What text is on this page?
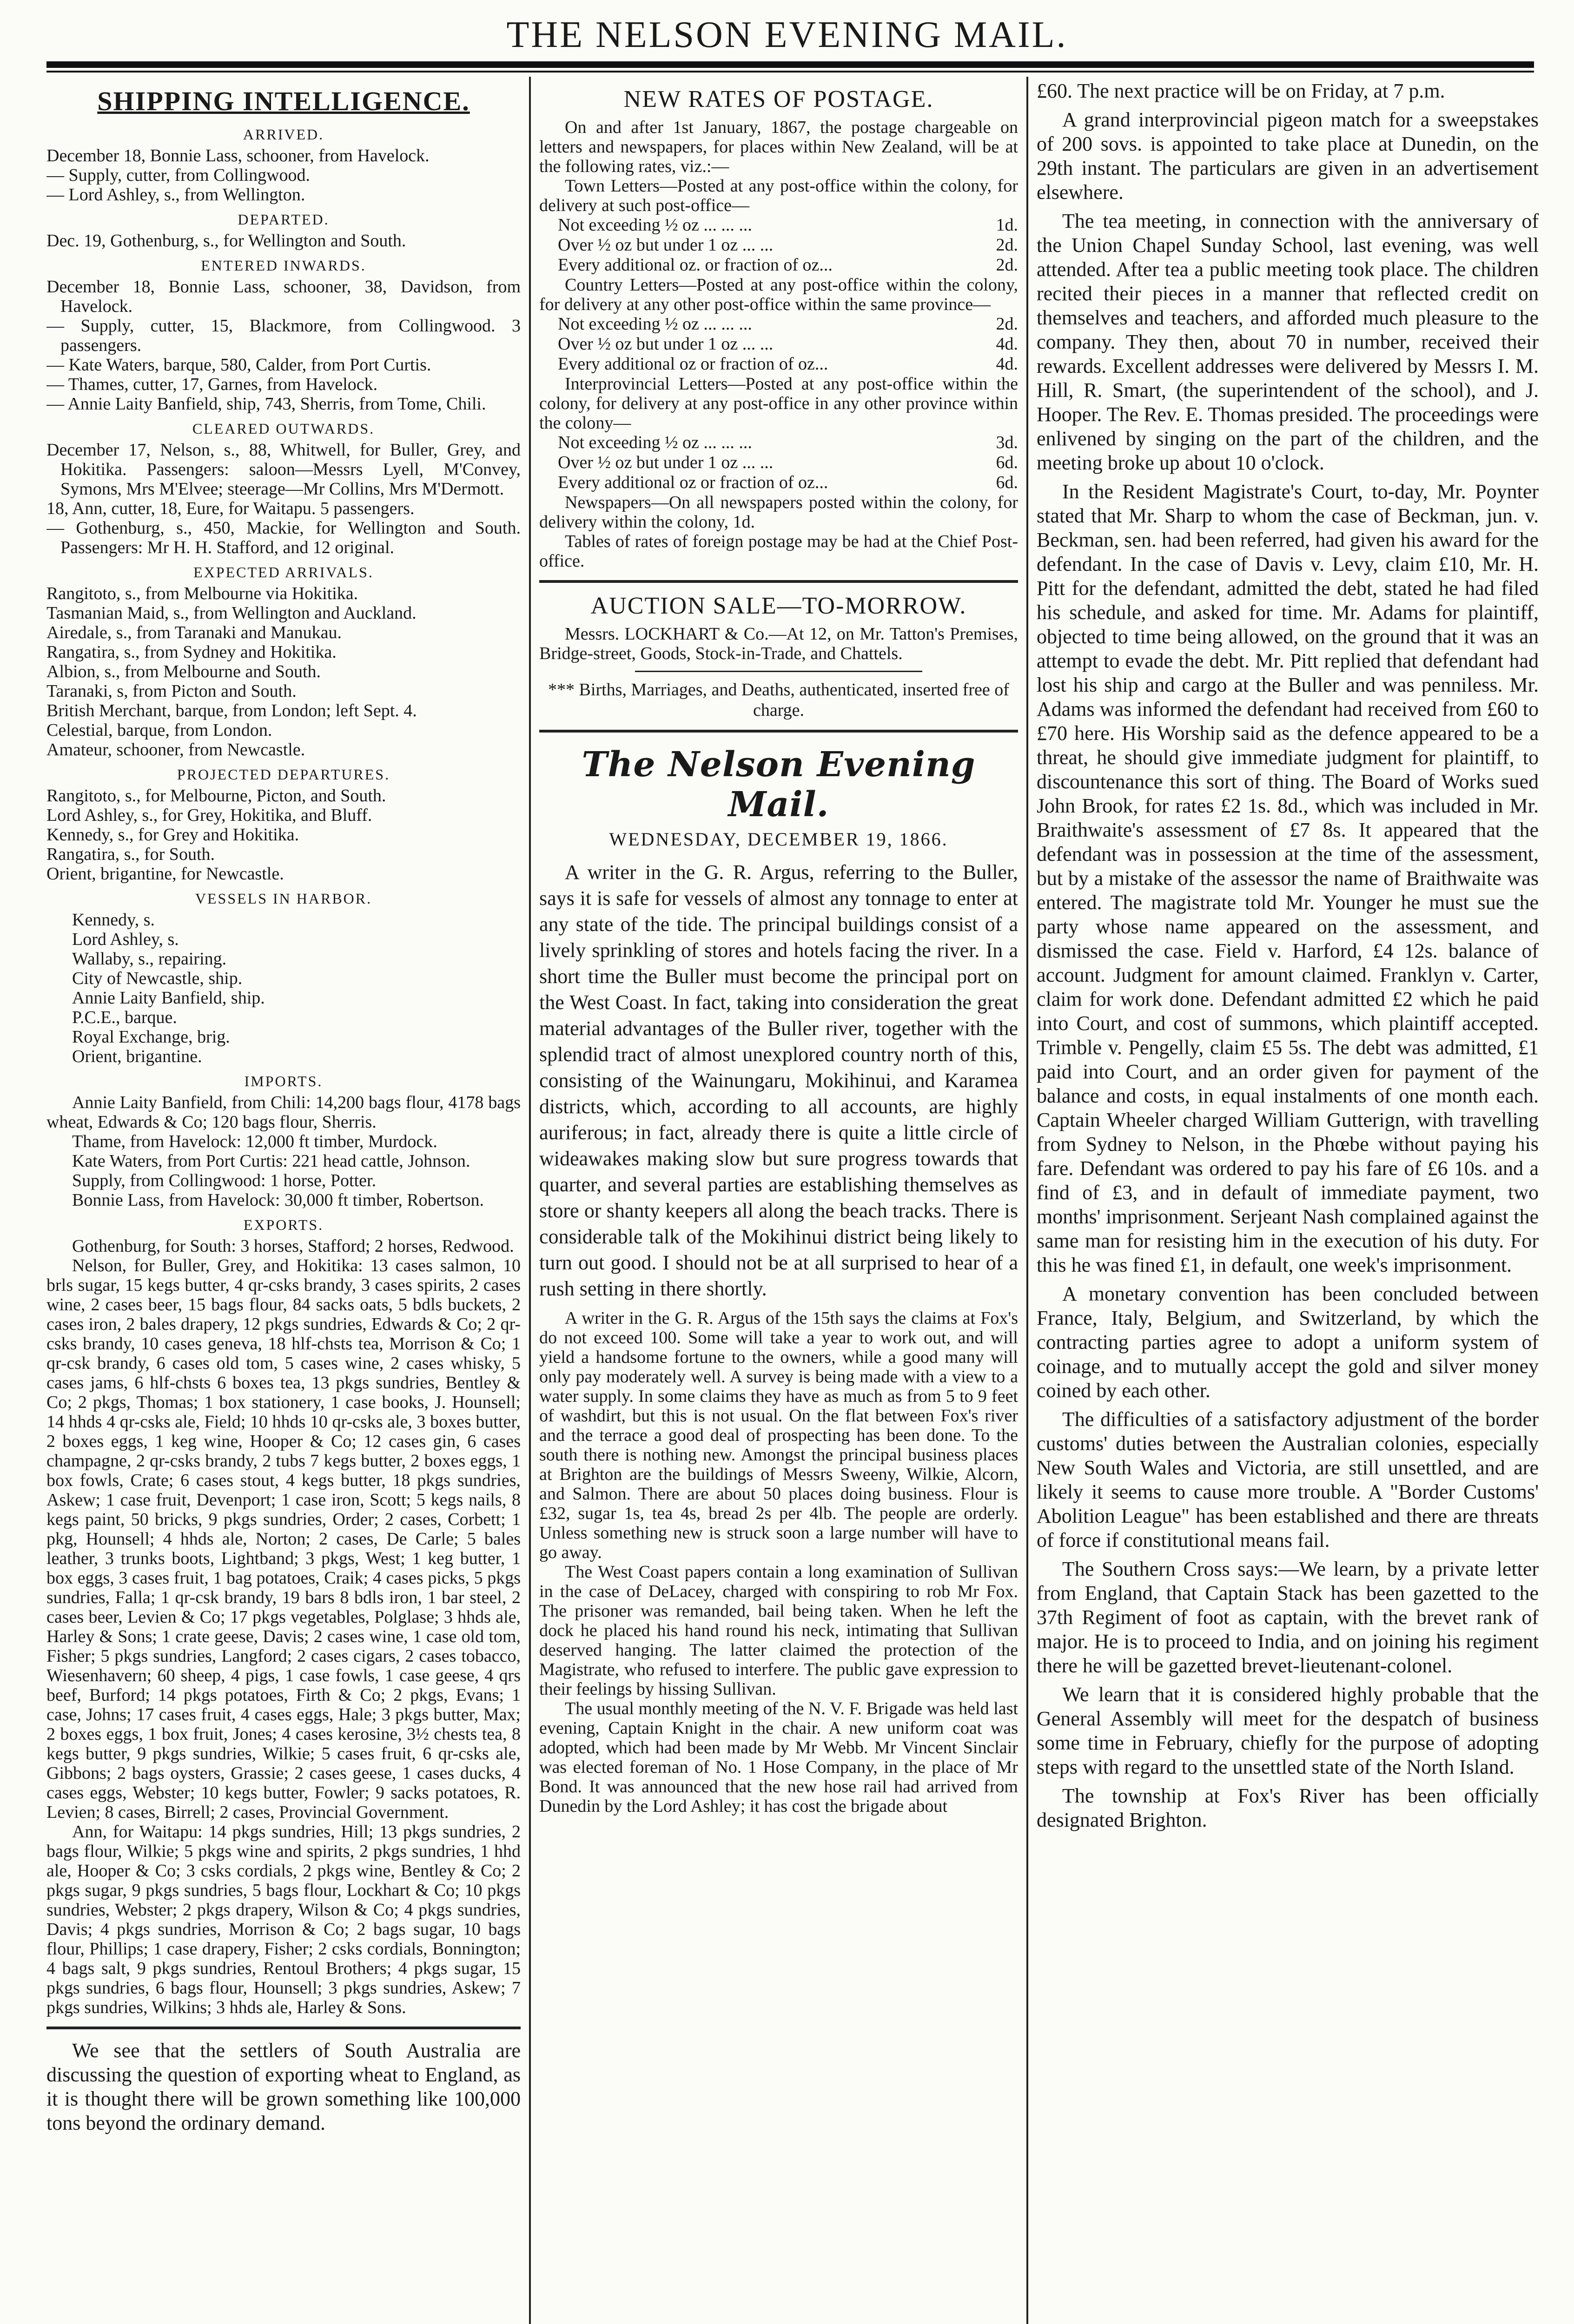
THE NELSON EVENING MAIL.
SHIPPING INTELLIGENCE.
ARRIVED.
December 18, Bonnie Lass, schooner, from Havelock.
— Supply, cutter, from Collingwood.
— Lord Ashley, s., from Wellington.
DEPARTED.
Dec. 19, Gothenburg, s., for Wellington and South.
ENTERED INWARDS.
December 18, Bonnie Lass, schooner, 38, Davidson, from Havelock.
— Supply, cutter, 15, Blackmore, from Collingwood. 3 passengers.
— Kate Waters, barque, 580, Calder, from Port Curtis.
— Thames, cutter, 17, Garnes, from Havelock.
— Annie Laity Banfield, ship, 743, Sherris, from Tome, Chili.
CLEARED OUTWARDS.
December 17, Nelson, s., 88, Whitwell, for Buller, Grey, and Hokitika. Passengers: saloon—Messrs Lyell, M'Convey, Symons, Mrs M'Elvee; steerage—Mr Collins, Mrs M'Dermott.
18, Ann, cutter, 18, Eure, for Waitapu. 5 passengers.
— Gothenburg, s., 450, Mackie, for Wellington and South. Passengers: Mr H. H. Stafford, and 12 original.
EXPECTED ARRIVALS.
Rangitoto, s., from Melbourne via Hokitika.
Tasmanian Maid, s., from Wellington and Auckland.
Airedale, s., from Taranaki and Manukau.
Rangatira, s., from Sydney and Hokitika.
Albion, s., from Melbourne and South.
Taranaki, s, from Picton and South.
British Merchant, barque, from London; left Sept. 4.
Celestial, barque, from London.
Amateur, schooner, from Newcastle.
PROJECTED DEPARTURES.
Rangitoto, s., for Melbourne, Picton, and South.
Lord Ashley, s., for Grey, Hokitika, and Bluff.
Kennedy, s., for Grey and Hokitika.
Rangatira, s., for South.
Orient, brigantine, for Newcastle.
VESSELS IN HARBOR.
Kennedy, s.
Lord Ashley, s.
Wallaby, s., repairing.
City of Newcastle, ship.
Annie Laity Banfield, ship.
P.C.E., barque.
Royal Exchange, brig.
Orient, brigantine.
IMPORTS.

Annie Laity Banfield, from Chili: 14,200 bags flour, 4178 bags wheat, Edwards & Co; 120 bags flour, Sherris.

Thame, from Havelock: 12,000 ft timber, Murdock.

Kate Waters, from Port Curtis: 221 head cattle, Johnson.

Supply, from Collingwood: 1 horse, Potter.

Bonnie Lass, from Havelock: 30,000 ft timber, Robertson.

EXPORTS.

Gothenburg, for South: 3 horses, Stafford; 2 horses, Redwood.

Nelson, for Buller, Grey, and Hokitika: 13 cases salmon, 10 brls sugar, 15 kegs butter, 4 qr-csks brandy, 3 cases spirits, 2 cases wine, 2 cases beer, 15 bags flour, 84 sacks oats, 5 bdls buckets, 2 cases iron, 2 bales drapery, 12 pkgs sundries, Edwards & Co; 2 qr-csks brandy, 10 cases geneva, 18 hlf-chsts tea, Morrison & Co; 1 qr-csk brandy, 6 cases old tom, 5 cases wine, 2 cases whisky, 5 cases jams, 6 hlf-chsts 6 boxes tea, 13 pkgs sundries, Bentley & Co; 2 pkgs, Thomas; 1 box stationery, 1 case books, J. Hounsell; 14 hhds 4 qr-csks ale, Field; 10 hhds 10 qr-csks ale, 3 boxes butter, 2 boxes eggs, 1 keg wine, Hooper & Co; 12 cases gin, 6 cases champagne, 2 qr-csks brandy, 2 tubs 7 kegs butter, 2 boxes eggs, 1 box fowls, Crate; 6 cases stout, 4 kegs butter, 18 pkgs sundries, Askew; 1 case fruit, Devenport; 1 case iron, Scott; 5 kegs nails, 8 kegs paint, 50 bricks, 9 pkgs sundries, Order; 2 cases, Corbett; 1 pkg, Hounsell; 4 hhds ale, Norton; 2 cases, De Carle; 5 bales leather, 3 trunks boots, Lightband; 3 pkgs, West; 1 keg butter, 1 box eggs, 3 cases fruit, 1 bag potatoes, Craik; 4 cases picks, 5 pkgs sundries, Falla; 1 qr-csk brandy, 19 bars 8 bdls iron, 1 bar steel, 2 cases beer, Levien & Co; 17 pkgs vegetables, Polglase; 3 hhds ale, Harley & Sons; 1 crate geese, Davis; 2 cases wine, 1 case old tom, Fisher; 5 pkgs sundries, Langford; 2 cases cigars, 2 cases tobacco, Wiesenhavern; 60 sheep, 4 pigs, 1 case fowls, 1 case geese, 4 qrs beef, Burford; 14 pkgs potatoes, Firth & Co; 2 pkgs, Evans; 1 case, Johns; 17 cases fruit, 4 cases eggs, Hale; 3 pkgs butter, Max; 2 boxes eggs, 1 box fruit, Jones; 4 cases kerosine, 3½ chests tea, 8 kegs butter, 9 pkgs sundries, Wilkie; 5 cases fruit, 6 qr-csks ale, Gibbons; 2 bags oysters, Grassie; 2 cases geese, 1 cases ducks, 4 cases eggs, Webster; 10 kegs butter, Fowler; 9 sacks potatoes, R. Levien; 8 cases, Birrell; 2 cases, Provincial Government.

Ann, for Waitapu: 14 pkgs sundries, Hill; 13 pkgs sundries, 2 bags flour, Wilkie; 5 pkgs wine and spirits, 2 pkgs sundries, 1 hhd ale, Hooper & Co; 3 csks cordials, 2 pkgs wine, Bentley & Co; 2 pkgs sugar, 9 pkgs sundries, 5 bags flour, Lockhart & Co; 10 pkgs sundries, Webster; 2 pkgs drapery, Wilson & Co; 4 pkgs sundries, Davis; 4 pkgs sundries, Morrison & Co; 2 bags sugar, 10 bags flour, Phillips; 1 case drapery, Fisher; 2 csks cordials, Bonnington; 4 bags salt, 9 pkgs sundries, Rentoul Brothers; 4 pkgs sugar, 15 pkgs sundries, 6 bags flour, Hounsell; 3 pkgs sundries, Askew; 7 pkgs sundries, Wilkins; 3 hhds ale, Harley & Sons.

We see that the settlers of South Australia are discussing the question of exporting wheat to England, as it is thought there will be grown something like 100,000 tons beyond the ordinary demand.

NEW RATES OF POSTAGE.

On and after 1st January, 1867, the postage chargeable on letters and newspapers, for places within New Zealand, will be at the following rates, viz.:—

Town Letters—Posted at any post-office within the colony, for delivery at such post-office—

Not exceeding ½ oz ... ... ...	1d.
Over ½ oz but under 1 oz ... ...	2d.
Every additional oz. or fraction of oz...	2d.

Country Letters—Posted at any post-office within the colony, for delivery at any other post-office within the same province—

Not exceeding ½ oz ... ... ...	2d.
Over ½ oz but under 1 oz ... ...	4d.
Every additional oz or fraction of oz...	4d.

Interprovincial Letters—Posted at any post-office within the colony, for delivery at any post-office in any other province within the colony—

Not exceeding ½ oz ... ... ...	3d.
Over ½ oz but under 1 oz ... ...	6d.
Every additional oz or fraction of oz...	6d.

Newspapers—On all newspapers posted within the colony, for delivery within the colony, 1d.

Tables of rates of foreign postage may be had at the Chief Post-office.

AUCTION SALE—TO-MORROW.

Messrs. LOCKHART & Co.—At 12, on Mr. Tatton's Premises, Bridge-street, Goods, Stock-in-Trade, and Chattels.

*** Births, Marriages, and Deaths, authenticated, inserted free of charge.
The Nelson Evening Mail.
WEDNESDAY, DECEMBER 19, 1866.

A writer in the G. R. Argus, referring to the Buller, says it is safe for vessels of almost any tonnage to enter at any state of the tide. The principal buildings consist of a lively sprinkling of stores and hotels facing the river. In a short time the Buller must become the principal port on the West Coast. In fact, taking into consideration the great material advantages of the Buller river, together with the splendid tract of almost unexplored country north of this, consisting of the Wainungaru, Mokihinui, and Karamea districts, which, according to all accounts, are highly auriferous; in fact, already there is quite a little circle of wideawakes making slow but sure progress towards that quarter, and several parties are establishing themselves as store or shanty keepers all along the beach tracks. There is considerable talk of the Mokihinui district being likely to turn out good. I should not be at all surprised to hear of a rush setting in there shortly.

A writer in the G. R. Argus of the 15th says the claims at Fox's do not exceed 100. Some will take a year to work out, and will yield a handsome fortune to the owners, while a good many will only pay moderately well. A survey is being made with a view to a water supply. In some claims they have as much as from 5 to 9 feet of washdirt, but this is not usual. On the flat between Fox's river and the terrace a good deal of prospecting has been done. To the south there is nothing new. Amongst the principal business places at Brighton are the buildings of Messrs Sweeny, Wilkie, Alcorn, and Salmon. There are about 50 places doing business. Flour is £32, sugar 1s, tea 4s, bread 2s per 4lb. The people are orderly. Unless something new is struck soon a large number will have to go away.

The West Coast papers contain a long examination of Sullivan in the case of DeLacey, charged with conspiring to rob Mr Fox. The prisoner was remanded, bail being taken. When he left the dock he placed his hand round his neck, intimating that Sullivan deserved hanging. The latter claimed the protection of the Magistrate, who refused to interfere. The public gave expression to their feelings by hissing Sullivan.

The usual monthly meeting of the N. V. F. Brigade was held last evening, Captain Knight in the chair. A new uniform coat was adopted, which had been made by Mr Webb. Mr Vincent Sinclair was elected foreman of No. 1 Hose Company, in the place of Mr Bond. It was announced that the new hose rail had arrived from Dunedin by the Lord Ashley; it has cost the brigade about

£60. The next practice will be on Friday, at 7 p.m.

A grand interprovincial pigeon match for a sweepstakes of 200 sovs. is appointed to take place at Dunedin, on the 29th instant. The particulars are given in an advertisement elsewhere.

The tea meeting, in connection with the anniversary of the Union Chapel Sunday School, last evening, was well attended. After tea a public meeting took place. The children recited their pieces in a manner that reflected credit on themselves and teachers, and afforded much pleasure to the company. They then, about 70 in number, received their rewards. Excellent addresses were delivered by Messrs I. M. Hill, R. Smart, (the superintendent of the school), and J. Hooper. The Rev. E. Thomas presided. The proceedings were enlivened by singing on the part of the children, and the meeting broke up about 10 o'clock.

In the Resident Magistrate's Court, to-day, Mr. Poynter stated that Mr. Sharp to whom the case of Beckman, jun. v. Beckman, sen. had been referred, had given his award for the defendant. In the case of Davis v. Levy, claim £10, Mr. H. Pitt for the defendant, admitted the debt, stated he had filed his schedule, and asked for time. Mr. Adams for plaintiff, objected to time being allowed, on the ground that it was an attempt to evade the debt. Mr. Pitt replied that defendant had lost his ship and cargo at the Buller and was penniless. Mr. Adams was informed the defendant had received from £60 to £70 here. His Worship said as the defence appeared to be a threat, he should give immediate judgment for plaintiff, to discountenance this sort of thing. The Board of Works sued John Brook, for rates £2 1s. 8d., which was included in Mr. Braithwaite's assessment of £7 8s. It appeared that the defendant was in possession at the time of the assessment, but by a mistake of the assessor the name of Braithwaite was entered. The magistrate told Mr. Younger he must sue the party whose name appeared on the assessment, and dismissed the case. Field v. Harford, £4 12s. balance of account. Judgment for amount claimed. Franklyn v. Carter, claim for work done. Defendant admitted £2 which he paid into Court, and cost of summons, which plaintiff accepted. Trimble v. Pengelly, claim £5 5s. The debt was admitted, £1 paid into Court, and an order given for payment of the balance and costs, in equal instalments of one month each. Captain Wheeler charged William Gutterign, with travelling from Sydney to Nelson, in the Phœbe without paying his fare. Defendant was ordered to pay his fare of £6 10s. and a find of £3, and in default of immediate payment, two months' imprisonment. Serjeant Nash complained against the same man for resisting him in the execution of his duty. For this he was fined £1, in default, one week's imprisonment.

A monetary convention has been concluded between France, Italy, Belgium, and Switzerland, by which the contracting parties agree to adopt a uniform system of coinage, and to mutually accept the gold and silver money coined by each other.

The difficulties of a satisfactory adjustment of the border customs' duties between the Australian colonies, especially New South Wales and Victoria, are still unsettled, and are likely it seems to cause more trouble. A "Border Customs' Abolition League" has been established and there are threats of force if constitutional means fail.

The Southern Cross says:—We learn, by a private letter from England, that Captain Stack has been gazetted to the 37th Regiment of foot as captain, with the brevet rank of major. He is to proceed to India, and on joining his regiment there he will be gazetted brevet-lieutenant-colonel.

We learn that it is considered highly probable that the General Assembly will meet for the despatch of business some time in February, chiefly for the purpose of adopting steps with regard to the unsettled state of the North Island.

The township at Fox's River has been officially designated Brighton.
